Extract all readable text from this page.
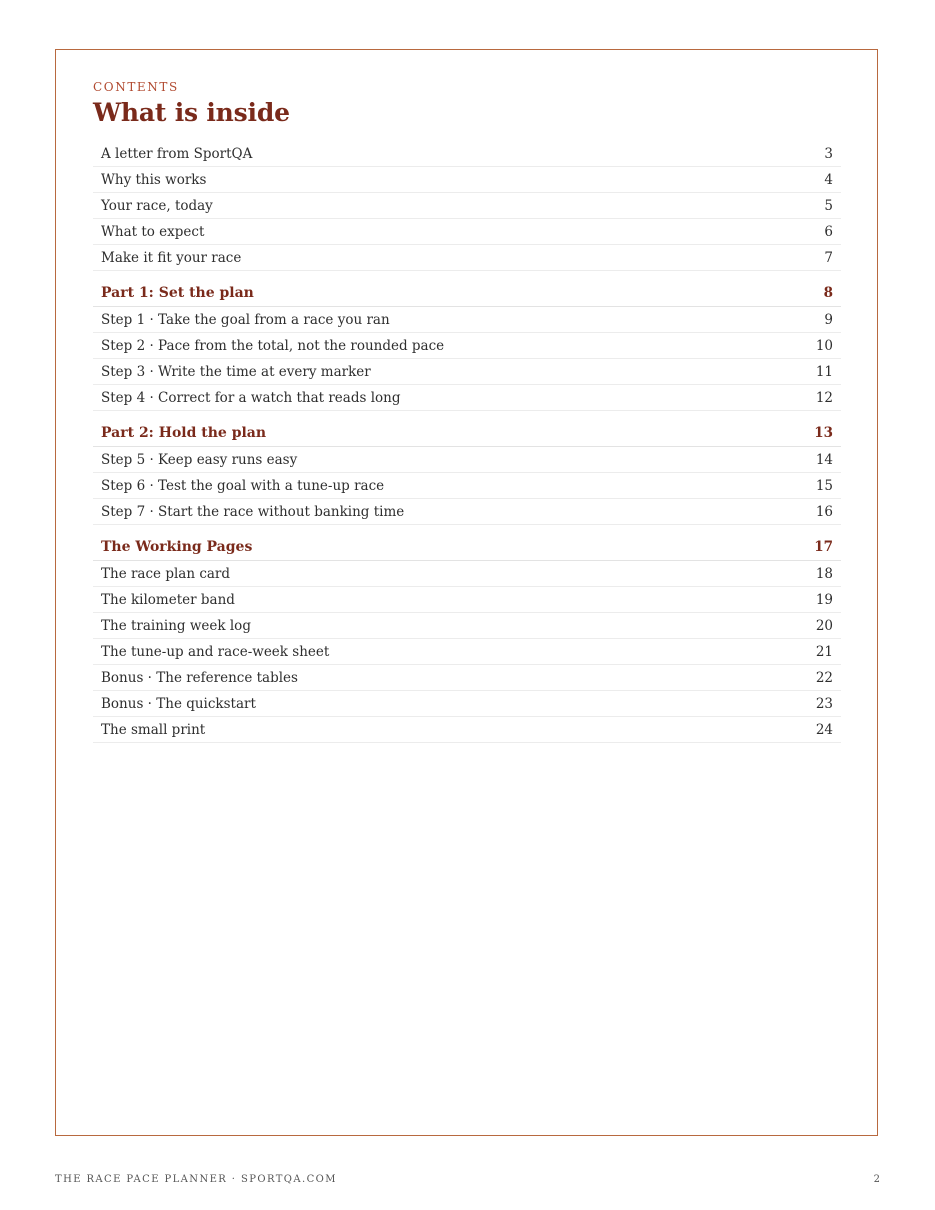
CONTENTS
What is inside
A letter from SportQA	3
Why this works	4
Your race, today	5
What to expect	6
Make it fit your race	7
Part 1: Set the plan	8
Step 1 · Take the goal from a race you ran	9
Step 2 · Pace from the total, not the rounded pace	10
Step 3 · Write the time at every marker	11
Step 4 · Correct for a watch that reads long	12
Part 2: Hold the plan	13
Step 5 · Keep easy runs easy	14
Step 6 · Test the goal with a tune-up race	15
Step 7 · Start the race without banking time	16
The Working Pages	17
The race plan card	18
The kilometer band	19
The training week log	20
The tune-up and race-week sheet	21
Bonus · The reference tables	22
Bonus · The quickstart	23
The small print	24
THE RACE PACE PLANNER · SPORTQA.COM	2
